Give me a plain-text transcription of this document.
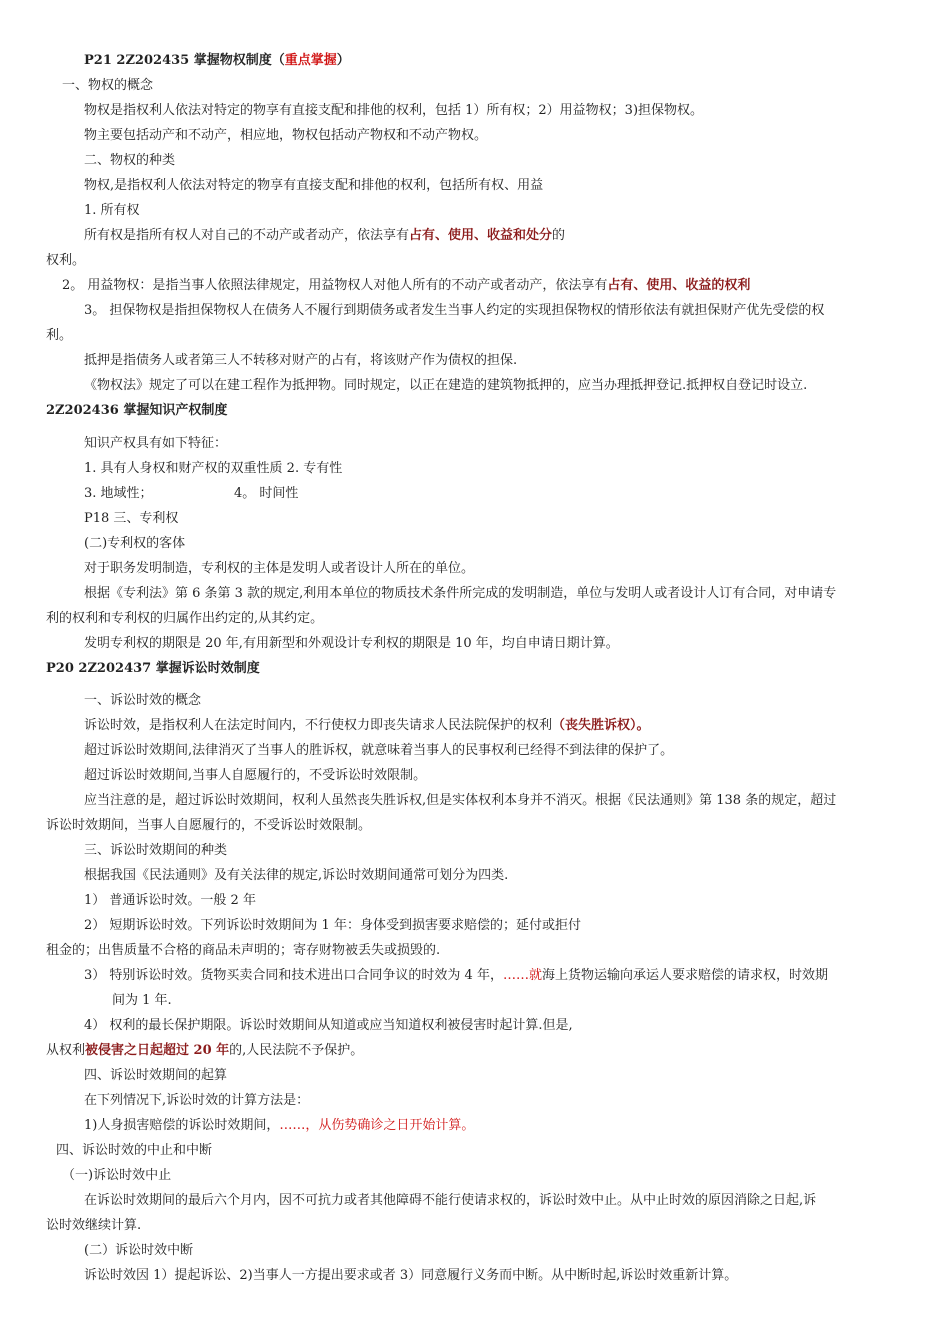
P21 2Z202435 掌握物权制度（重点掌握）
一、物权的概念
物权是指权利人依法对特定的物享有直接支配和排他的权利，包括 1）所有权；2）用益物权；3)担保物权。
物主要包括动产和不动产，相应地，物权包括动产物权和不动产物权。
二、物权的种类
物权,是指权利人依法对特定的物享有直接支配和排他的权利，包括所有权、用益
1. 所有权
所有权是指所有权人对自己的不动产或者动产，依法享有占有、使用、收益和处分的
权利。
2。 用益物权：是指当事人依照法律规定，用益物权人对他人所有的不动产或者动产，依法享有占有、使用、收益的权利
3。 担保物权是指担保物权人在债务人不履行到期债务或者发生当事人约定的实现担保物权的情形依法有就担保财产优先受偿的权
利。
抵押是指债务人或者第三人不转移对财产的占有，将该财产作为债权的担保.
《物权法》规定了可以在建工程作为抵押物。同时规定，以正在建造的建筑物抵押的，应当办理抵押登记.抵押权自登记时设立.
2Z202436 掌握知识产权制度
知识产权具有如下特征：
1. 具有人身权和财产权的双重性质 2. 专有性
3. 地域性；	4。 时间性
P18 三、专利权
(二)专利权的客体
对于职务发明制造，专利权的主体是发明人或者设计人所在的单位。
根据《专利法》第 6 条第 3 款的规定,利用本单位的物质技术条件所完成的发明制造，单位与发明人或者设计人订有合同，对申请专
利的权利和专利权的归属作出约定的,从其约定。
发明专利权的期限是 20 年,有用新型和外观设计专利权的期限是 10 年，均自申请日期计算。
P20 2Z202437 掌握诉讼时效制度
一、诉讼时效的概念
诉讼时效，是指权利人在法定时间内，不行使权力即丧失请求人民法院保护的权利（丧失胜诉权）。
超过诉讼时效期间,法律消灭了当事人的胜诉权，就意味着当事人的民事权利已经得不到法律的保护了。
超过诉讼时效期间,当事人自愿履行的，不受诉讼时效限制。
应当注意的是，超过诉讼时效期间，权利人虽然丧失胜诉权,但是实体权利本身并不消灭。根据《民法通则》第 138 条的规定，超过
诉讼时效期间，当事人自愿履行的，不受诉讼时效限制。
三、诉讼时效期间的种类
根据我国《民法通则》及有关法律的规定,诉讼时效期间通常可划分为四类.
1） 普通诉讼时效。一般 2 年
2） 短期诉讼时效。下列诉讼时效期间为 1 年：身体受到损害要求赔偿的；延付或拒付
租金的；出售质量不合格的商品未声明的；寄存财物被丢失或损毁的.
3） 特别诉讼时效。货物买卖合同和技术进出口合同争议的时效为 4 年，……就海上货物运输向承运人要求赔偿的请求权，时效期
间为 1 年.
4） 权利的最长保护期限。诉讼时效期间从知道或应当知道权利被侵害时起计算.但是,
从权利被侵害之日起超过 20 年的,人民法院不予保护。
四、诉讼时效期间的起算
在下列情况下,诉讼时效的计算方法是：
1)人身损害赔偿的诉讼时效期间，……，从伤势确诊之日开始计算。
四、诉讼时效的中止和中断
（一)诉讼时效中止
在诉讼时效期间的最后六个月内，因不可抗力或者其他障碍不能行使请求权的，诉讼时效中止。从中止时效的原因消除之日起,诉
讼时效继续计算.
(二）诉讼时效中断
诉讼时效因 1）提起诉讼、2)当事人一方提出要求或者 3）同意履行义务而中断。从中断时起,诉讼时效重新计算。
